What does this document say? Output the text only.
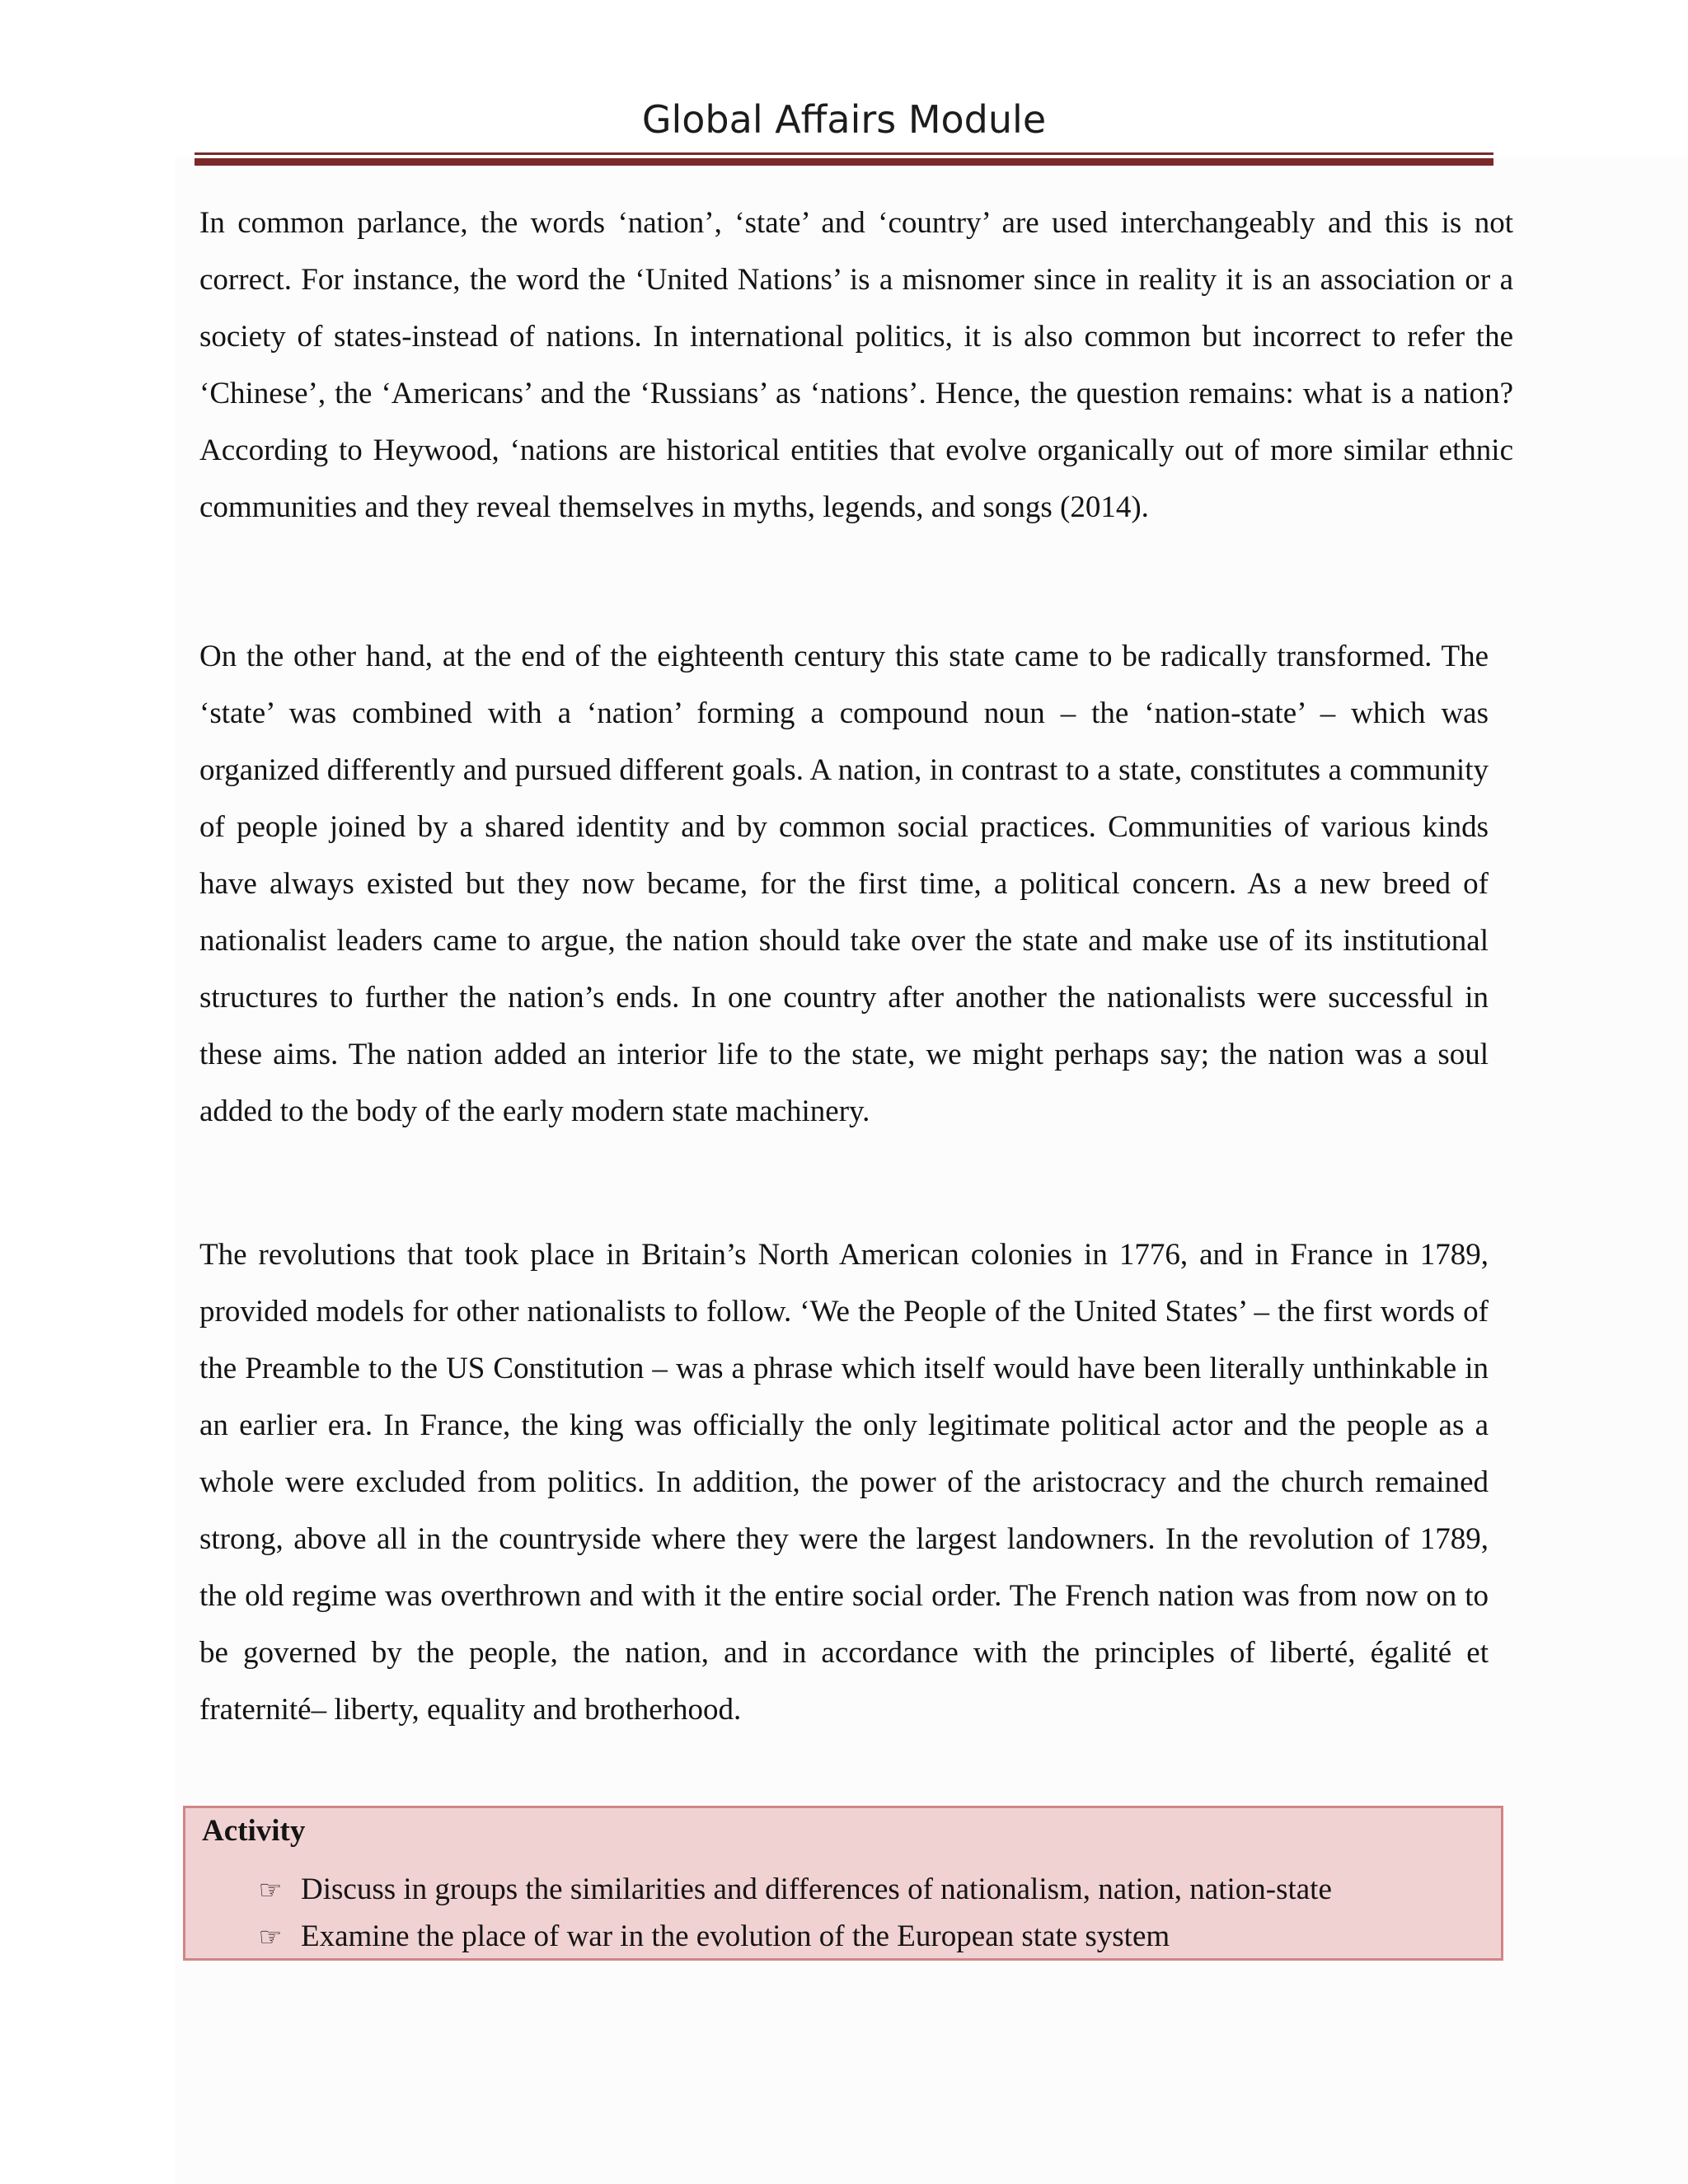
Global Affairs Module

In common parlance, the words ‘nation’, ‘state’ and ‘country’ are used interchangeably and this is not correct. For instance, the word the ‘United Nations’ is a misnomer since in reality it is an association or a society of states-instead of nations. In international politics, it is also common but incorrect to refer the ‘Chinese’, the ‘Americans’ and the ‘Russians’ as ‘nations’. Hence, the question remains: what is a nation? According to Heywood, ‘nations are historical entities that evolve organically out of more similar ethnic communities and they reveal themselves in myths, legends, and songs (2014).

On the other hand, at the end of the eighteenth century this state came to be radically transformed. The ‘state’ was combined with a ‘nation’ forming a compound noun – the ‘nation-state’ – which was organized differently and pursued different goals. A nation, in contrast to a state, constitutes a community of people joined by a shared identity and by common social practices. Communities of various kinds have always existed but they now became, for the first time, a political concern. As a new breed of nationalist leaders came to argue, the nation should take over the state and make use of its institutional structures to further the nation’s ends. In one country after another the nationalists were successful in these aims. The nation added an interior life to the state, we might perhaps say; the nation was a soul added to the body of the early modern state machinery.

The revolutions that took place in Britain’s North American colonies in 1776, and in France in 1789, provided models for other nationalists to follow. ‘We the People of the United States’ – the first words of the Preamble to the US Constitution – was a phrase which itself would have been literally unthinkable in an earlier era. In France, the king was officially the only legitimate political actor and the people as a whole were excluded from politics. In addition, the power of the aristocracy and the church remained strong, above all in the countryside where they were the largest landowners. In the revolution of 1789, the old regime was overthrown and with it the entire social order. The French nation was from now on to be governed by the people, the nation, and in accordance with the principles of liberté, égalité et fraternité– liberty, equality and brotherhood.

Activity
☞ Discuss in groups the similarities and differences of nationalism, nation, nation-state
☞ Examine the place of war in the evolution of the European state system
